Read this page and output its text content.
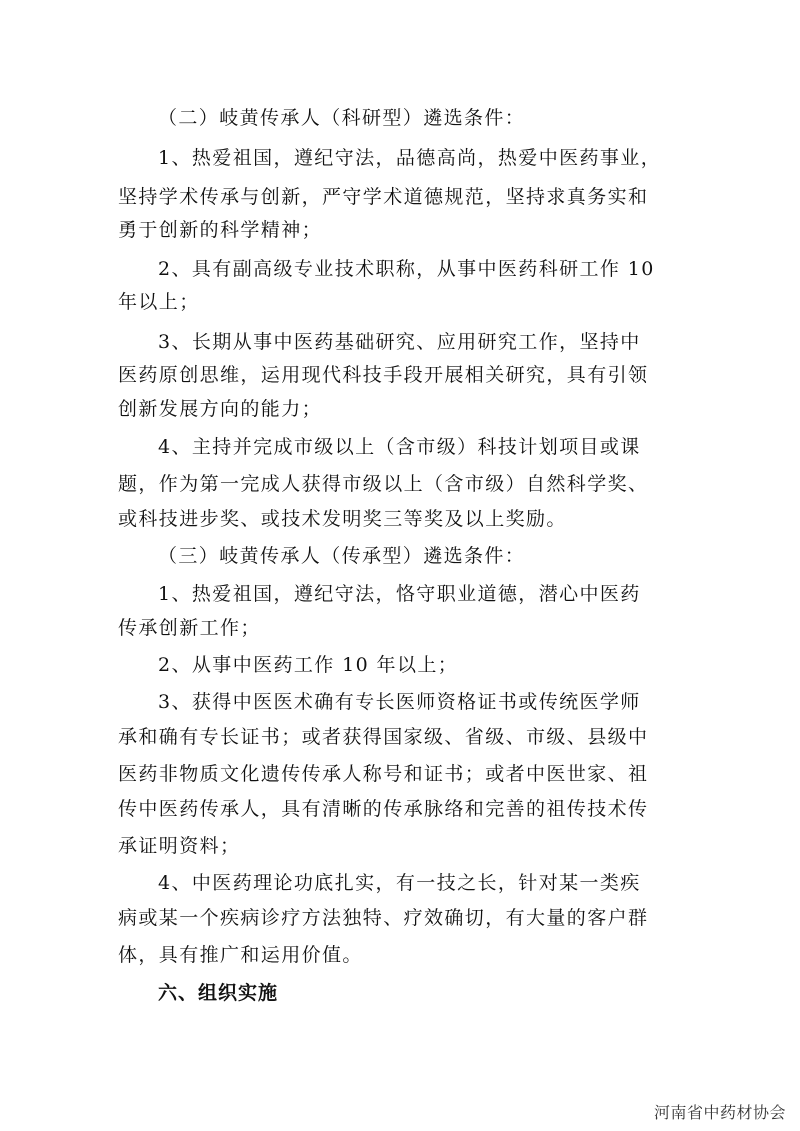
（二）岐黄传承人（科研型）遴选条件：
1、热爱祖国，遵纪守法，品德高尚，热爱中医药事业，
坚持学术传承与创新，严守学术道德规范，坚持求真务实和
勇于创新的科学精神；
2、具有副高级专业技术职称，从事中医药科研工作 10
年以上；
3、长期从事中医药基础研究、应用研究工作，坚持中
医药原创思维，运用现代科技手段开展相关研究，具有引领
创新发展方向的能力；
4、主持并完成市级以上（含市级）科技计划项目或课
题，作为第一完成人获得市级以上（含市级）自然科学奖、
或科技进步奖、或技术发明奖三等奖及以上奖励。
（三）岐黄传承人（传承型）遴选条件：
1、热爱祖国，遵纪守法，恪守职业道德，潜心中医药
传承创新工作；
2、从事中医药工作 10 年以上；
3、获得中医医术确有专长医师资格证书或传统医学师
承和确有专长证书；或者获得国家级、省级、市级、县级中
医药非物质文化遗传传承人称号和证书；或者中医世家、祖
传中医药传承人，具有清晰的传承脉络和完善的祖传技术传
承证明资料；
4、中医药理论功底扎实，有一技之长，针对某一类疾
病或某一个疾病诊疗方法独特、疗效确切，有大量的客户群
体，具有推广和运用价值。
六、组织实施
河南省中药材协会
